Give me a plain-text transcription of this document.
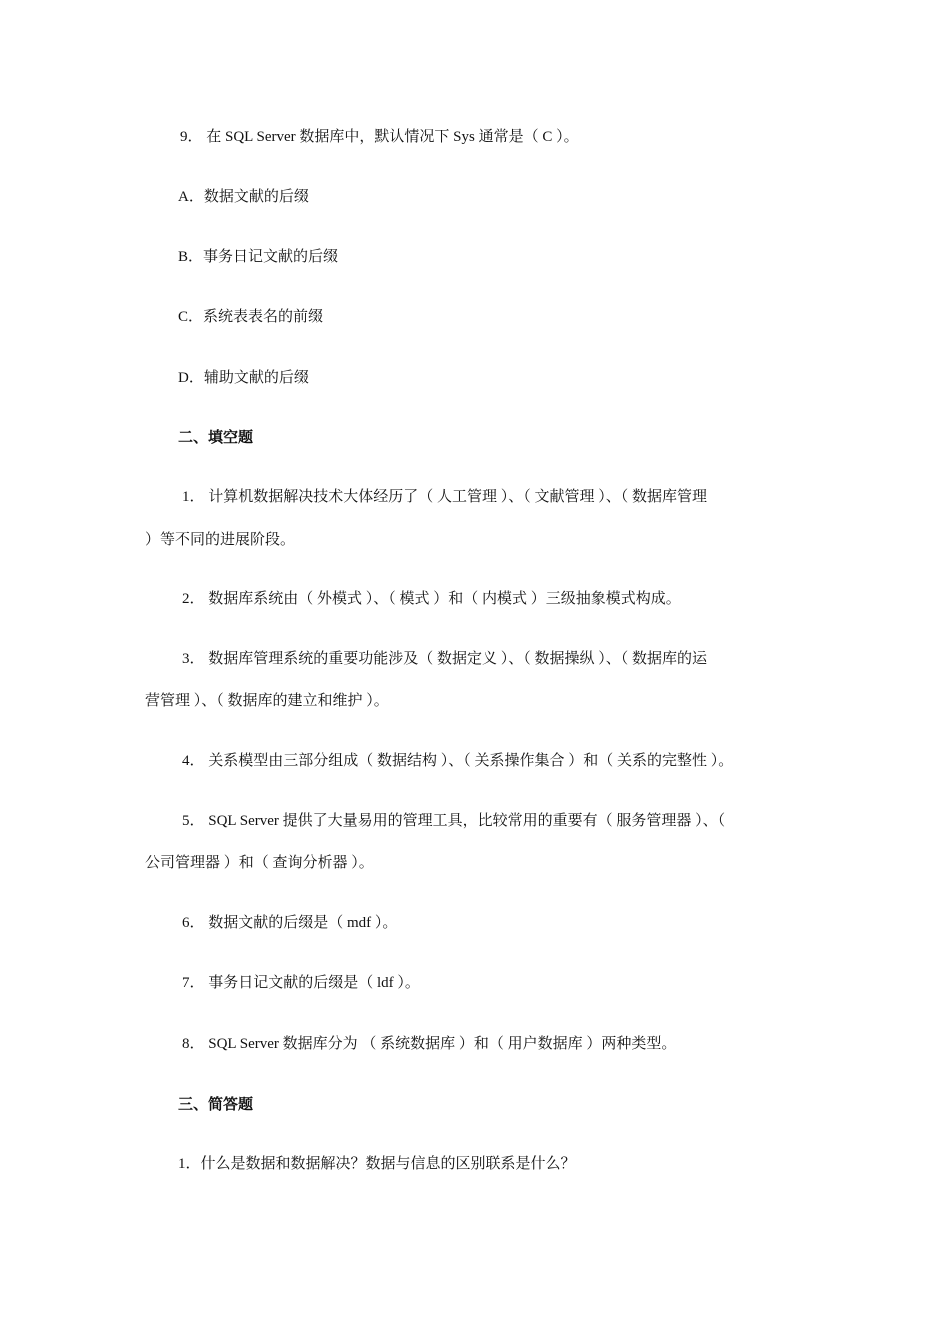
9． 在 SQL Server 数据库中，默认情况下 Sys 通常是（ C ）。
A．数据文献的后缀
B．事务日记文献的后缀
C．系统表表名的前缀
D．辅助文献的后缀
二、填空题
1． 计算机数据解决技术大体经历了（ 人工管理 ）、（ 文献管理 ）、（ 数据库管理
）等不同的进展阶段。
2． 数据库系统由（ 外模式 ）、（ 模式 ）和（ 内模式 ）三级抽象模式构成。
3． 数据库管理系统的重要功能涉及（ 数据定义 ）、（ 数据操纵 ）、（ 数据库的运
营管理 ）、（ 数据库的建立和维护 ）。
4． 关系模型由三部分组成（ 数据结构 ）、（ 关系操作集合 ）和（ 关系的完整性 ）。
5． SQL Server 提供了大量易用的管理工具，比较常用的重要有（ 服务管理器 ）、（
公司管理器 ）和（ 查询分析器 ）。
6． 数据文献的后缀是（ mdf ）。
7． 事务日记文献的后缀是（ ldf ）。
8． SQL Server 数据库分为 （ 系统数据库 ）和（ 用户数据库 ）两种类型。
三、简答题
1．什么是数据和数据解决？数据与信息的区别联系是什么？
